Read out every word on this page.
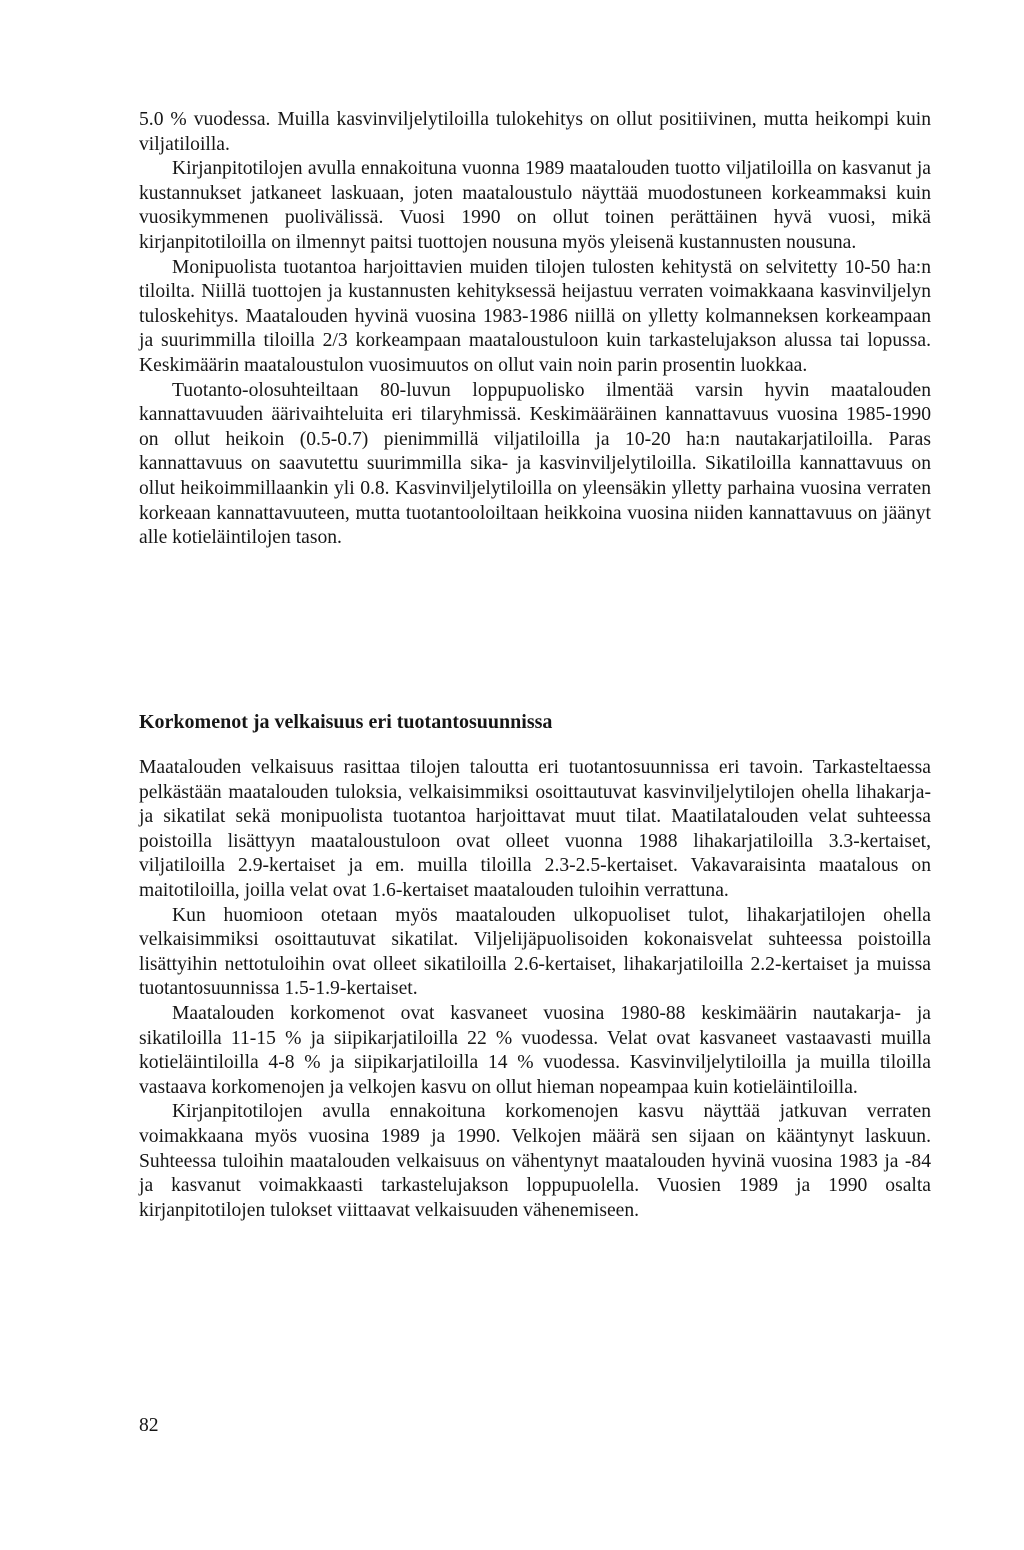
5.0 % vuodessa. Muilla kasvinviljelytiloilla tulokehitys on ollut positiivinen, mutta heikompi kuin viljatiloilla.

Kirjanpitotilojen avulla ennakoituna vuonna 1989 maatalouden tuotto viljatiloilla on kasvanut ja kustannukset jatkaneet laskuaan, joten maataloustulo näyttää muodostuneen korkeammaksi kuin vuosikymmenen puolivälissä. Vuosi 1990 on ollut toinen perättäinen hyvä vuosi, mikä kirjanpitotiloilla on ilmennyt paitsi tuottojen nousuna myös yleisenä kustannusten nousuna.

Monipuolista tuotantoa harjoittavien muiden tilojen tulosten kehitystä on selvitetty 10-50 ha:n tiloilta. Niillä tuottojen ja kustannusten kehityksessä heijastuu verraten voimakkaana kasvinviljelyn tuloskehitys. Maatalouden hyvinä vuosina 1983-1986 niillä on ylletty kolmanneksen korkeampaan ja suurimmilla tiloilla 2/3 korkeampaan maataloustuloon kuin tarkastelujakson alussa tai lopussa. Keskimäärin maataloustulon vuosimuutos on ollut vain noin parin prosentin luokkaa.

Tuotanto-olosuhteiltaan 80-luvun loppupuolisko ilmentää varsin hyvin maatalouden kannattavuuden äärivaihteluita eri tilaryhmissä. Keskimääräinen kannattavuus vuosina 1985-1990 on ollut heikoin (0.5-0.7) pienimmillä viljatiloilla ja 10-20 ha:n nautakarjatiloilla. Paras kannattavuus on saavutettu suurimmilla sika- ja kasvinviljelytiloilla. Sikatiloilla kannattavuus on ollut heikoimmillaankin yli 0.8. Kasvinviljelytiloilla on yleensäkin ylletty parhaina vuosina verraten korkeaan kannattavuuteen, mutta tuotantooloiltaan heikkoina vuosina niiden kannattavuus on jäänyt alle kotieläintilojen tason.

Korkomenot ja velkaisuus eri tuotantosuunnissa

Maatalouden velkaisuus rasittaa tilojen taloutta eri tuotantosuunnissa eri tavoin. Tarkasteltaessa pelkästään maatalouden tuloksia, velkaisimmiksi osoittautuvat kasvinviljelytilojen ohella lihakarja- ja sikatilat sekä monipuolista tuotantoa harjoittavat muut tilat. Maatilatalouden velat suhteessa poistoilla lisättyyn maataloustuloon ovat olleet vuonna 1988 lihakarjatiloilla 3.3-kertaiset, viljatiloilla 2.9-kertaiset ja em. muilla tiloilla 2.3-2.5-kertaiset. Vakavaraisinta maatalous on maitotiloilla, joilla velat ovat 1.6-kertaiset maatalouden tuloihin verrattuna.

Kun huomioon otetaan myös maatalouden ulkopuoliset tulot, lihakarjatilojen ohella velkaisimmiksi osoittautuvat sikatilat. Viljelijäpuolisoiden kokonaisvelat suhteessa poistoilla lisättyihin nettotuloihin ovat olleet sikatiloilla 2.6-kertaiset, lihakarjatiloilla 2.2-kertaiset ja muissa tuotantosuunnissa 1.5-1.9-kertaiset.

Maatalouden korkomenot ovat kasvaneet vuosina 1980-88 keskimäärin nautakarja- ja sikatiloilla 11-15 % ja siipikarjatiloilla 22 % vuodessa. Velat ovat kasvaneet vastaavasti muilla kotieläintiloilla 4-8 % ja siipikarjatiloilla 14 % vuodessa. Kasvinviljelytiloilla ja muilla tiloilla vastaava korkomenojen ja velkojen kasvu on ollut hieman nopeampaa kuin kotieläintiloilla.

Kirjanpitotilojen avulla ennakoituna korkomenojen kasvu näyttää jatkuvan verraten voimakkaana myös vuosina 1989 ja 1990. Velkojen määrä sen sijaan on kääntynyt laskuun. Suhteessa tuloihin maatalouden velkaisuus on vähentynyt maatalouden hyvinä vuosina 1983 ja -84 ja kasvanut voimakkaasti tarkastelujakson loppupuolella. Vuosien 1989 ja 1990 osalta kirjanpitotilojen tulokset viittaavat velkaisuuden vähenemiseen.

82
